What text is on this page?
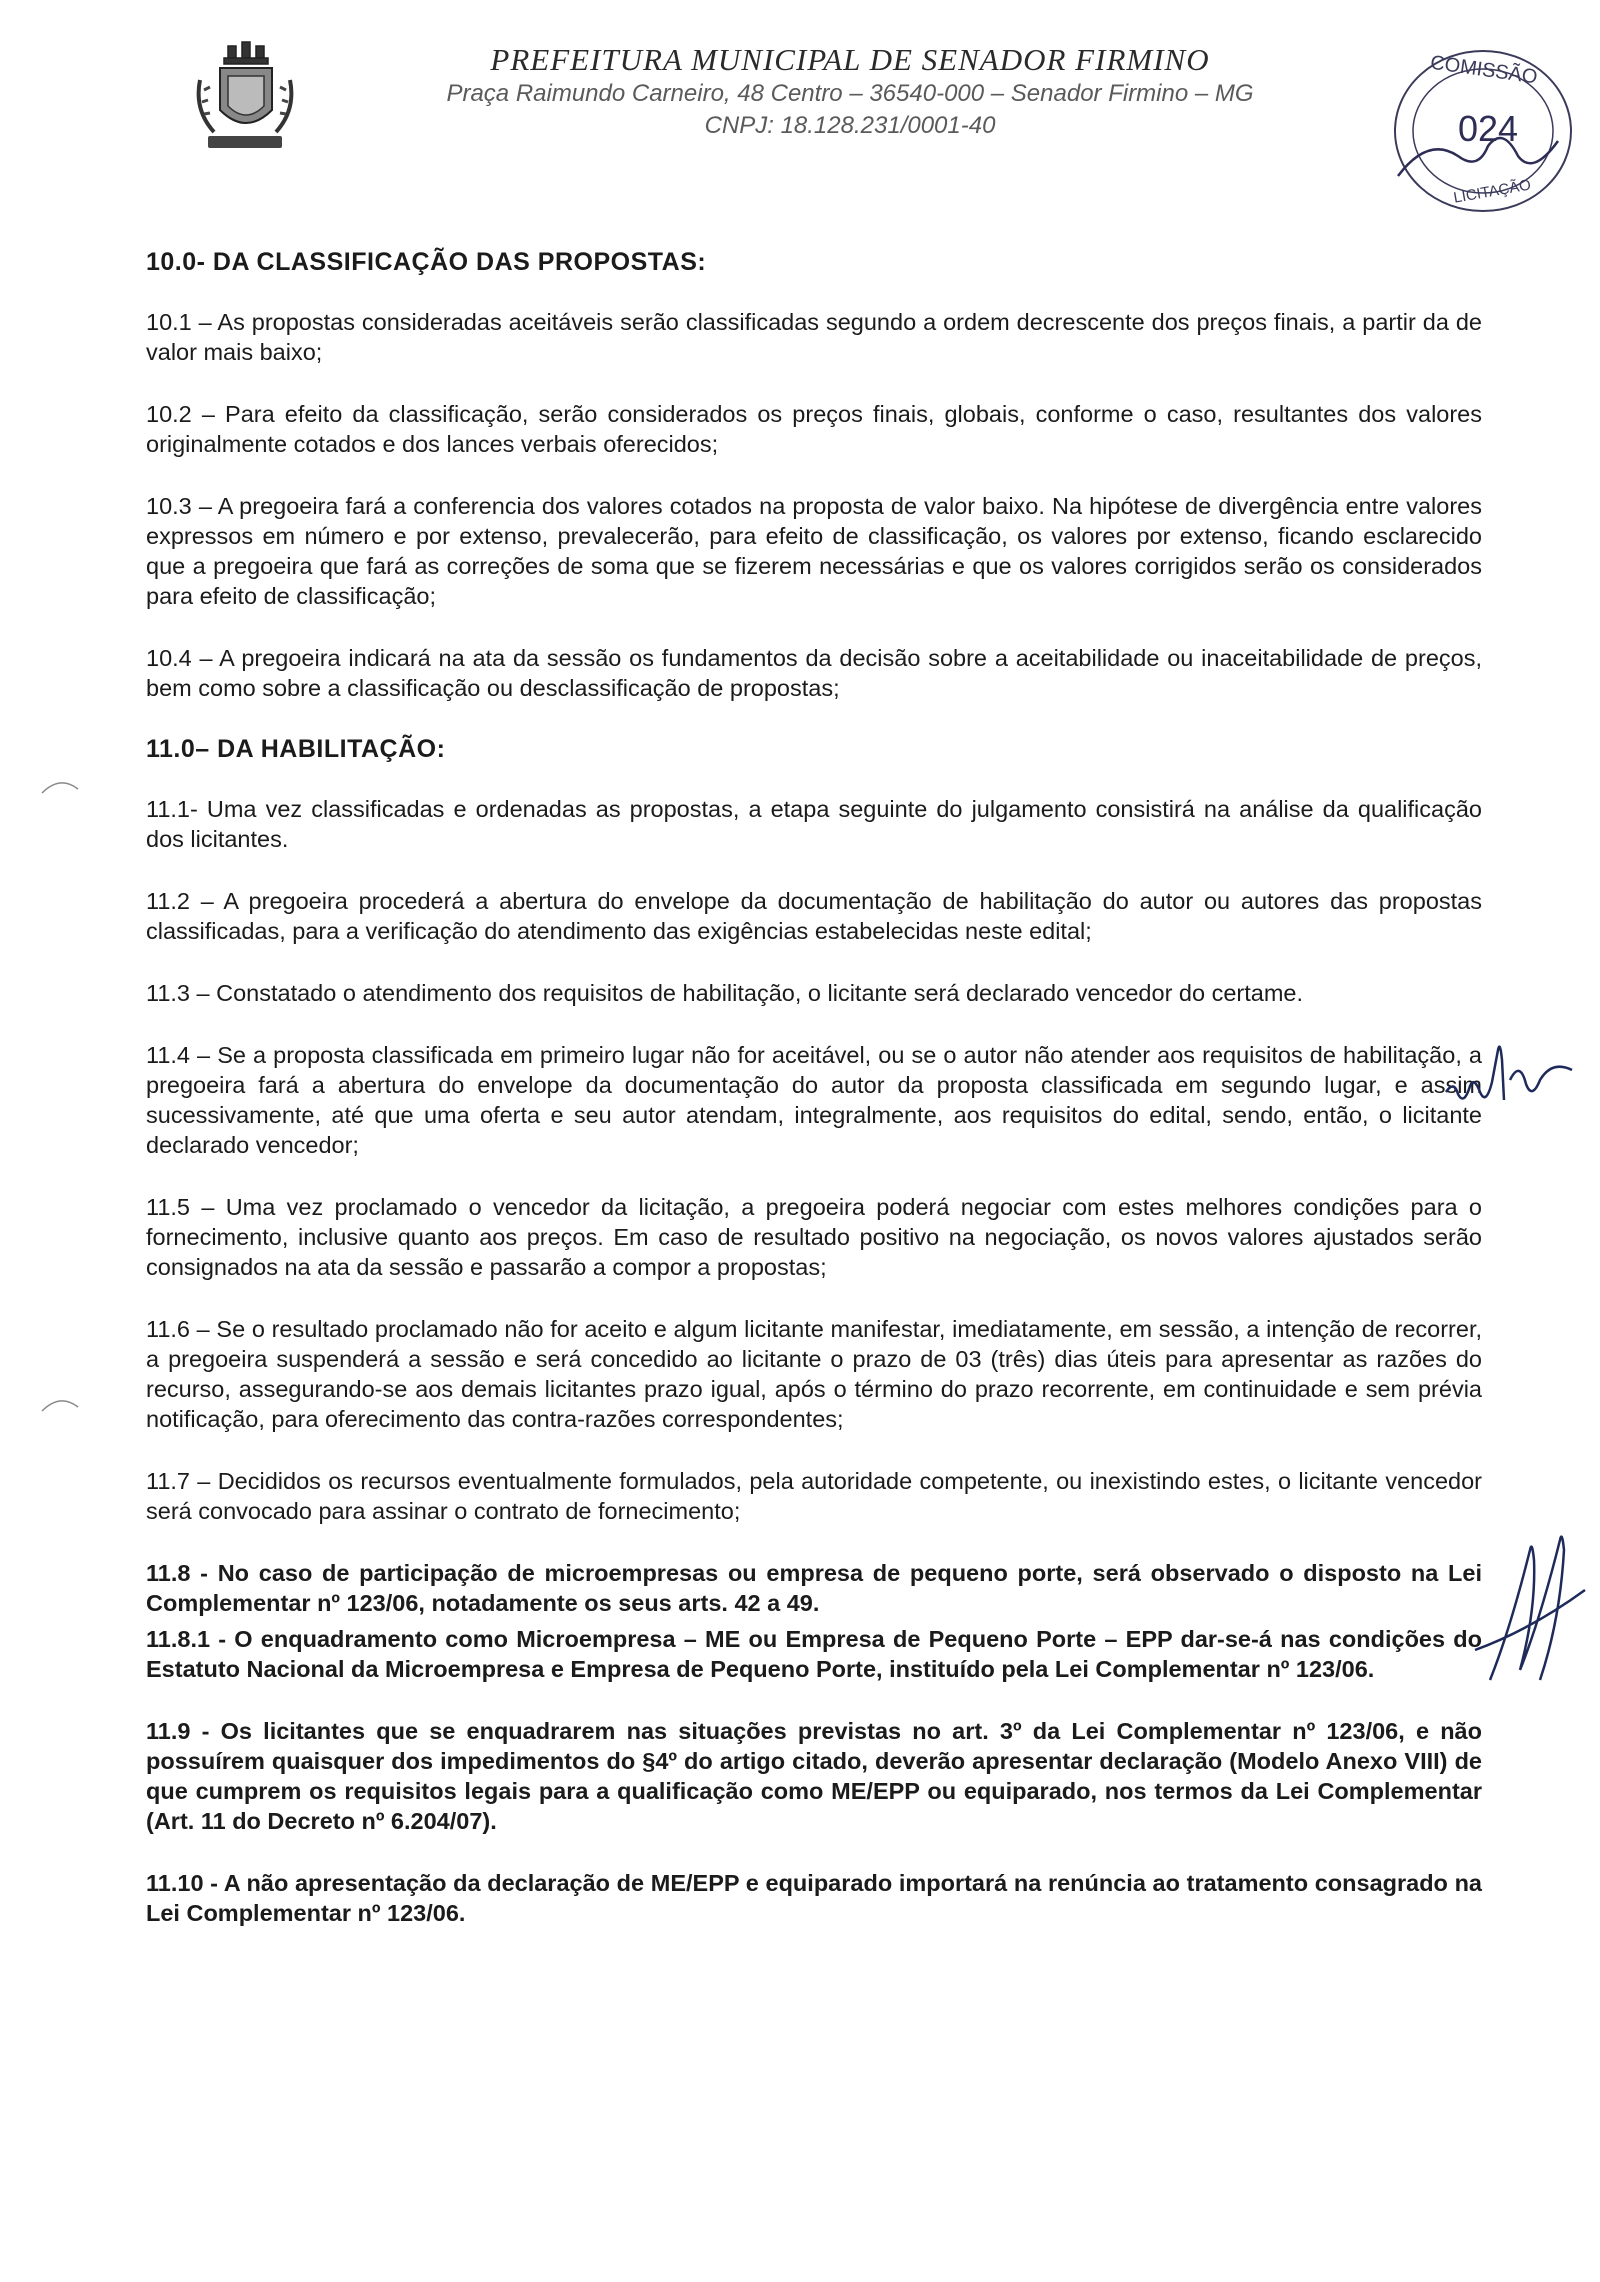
PREFEITURA MUNICIPAL DE SENADOR FIRMINO
Praça Raimundo Carneiro, 48 Centro – 36540-000 – Senador Firmino – MG
CNPJ: 18.128.231/0001-40
COMISSÃO
024
LICITAÇÃO
10.0- DA CLASSIFICAÇÃO DAS PROPOSTAS:

10.1 – As propostas consideradas aceitáveis serão classificadas segundo a ordem decrescente dos preços finais, a partir da de valor mais baixo;

10.2 – Para efeito da classificação, serão considerados os preços finais, globais, conforme o caso, resultantes dos valores originalmente cotados e dos lances verbais oferecidos;

10.3 – A pregoeira fará a conferencia dos valores cotados na proposta de valor baixo. Na hipótese de divergência entre valores expressos em número e por extenso, prevalecerão, para efeito de classificação, os valores por extenso, ficando esclarecido que a pregoeira que fará as correções de soma que se fizerem necessárias e que os valores corrigidos serão os considerados para efeito de classificação;

10.4 – A pregoeira indicará na ata da sessão os fundamentos da decisão sobre a aceitabilidade ou inaceitabilidade de preços, bem como sobre a classificação ou desclassificação de propostas;

11.0– DA HABILITAÇÃO:

11.1- Uma vez classificadas e ordenadas as propostas, a etapa seguinte do julgamento consistirá na análise da qualificação dos licitantes.

11.2 – A pregoeira procederá a abertura do envelope da documentação de habilitação do autor ou autores das propostas classificadas, para a verificação do atendimento das exigências estabelecidas neste edital;

11.3 – Constatado o atendimento dos requisitos de habilitação, o licitante será declarado vencedor do certame.

11.4 – Se a proposta classificada em primeiro lugar não for aceitável, ou se o autor não atender aos requisitos de habilitação, a pregoeira fará a abertura do envelope da documentação do autor da proposta classificada em segundo lugar, e assim sucessivamente, até que uma oferta e seu autor atendam, integralmente, aos requisitos do edital, sendo, então, o licitante declarado vencedor;

11.5 – Uma vez proclamado o vencedor da licitação, a pregoeira poderá negociar com estes melhores condições para o fornecimento, inclusive quanto aos preços. Em caso de resultado positivo na negociação, os novos valores ajustados serão consignados na ata da sessão e passarão a compor a propostas;

11.6 – Se o resultado proclamado não for aceito e algum licitante manifestar, imediatamente, em sessão, a intenção de recorrer, a pregoeira suspenderá a sessão e será concedido ao licitante o prazo de 03 (três) dias úteis para apresentar as razões do recurso, assegurando-se aos demais licitantes prazo igual, após o término do prazo recorrente, em continuidade e sem prévia notificação, para oferecimento das contra-razões correspondentes;

11.7 – Decididos os recursos eventualmente formulados, pela autoridade competente, ou inexistindo estes, o licitante vencedor será convocado para assinar o contrato de fornecimento;

11.8 - No caso de participação de microempresas ou empresa de pequeno porte, será observado o disposto na Lei Complementar nº 123/06, notadamente os seus arts. 42 a 49.

11.8.1 - O enquadramento como Microempresa – ME ou Empresa de Pequeno Porte – EPP dar-se-á nas condições do Estatuto Nacional da Microempresa e Empresa de Pequeno Porte, instituído pela Lei Complementar nº 123/06.

11.9 - Os licitantes que se enquadrarem nas situações previstas no art. 3º da Lei Complementar nº 123/06, e não possuírem quaisquer dos impedimentos do §4º do artigo citado, deverão apresentar declaração (Modelo Anexo VIII) de que cumprem os requisitos legais para a qualificação como ME/EPP ou equiparado, nos termos da Lei Complementar (Art. 11 do Decreto nº 6.204/07).

11.10 - A não apresentação da declaração de ME/EPP e equiparado importará na renúncia ao tratamento consagrado na Lei Complementar nº 123/06.
